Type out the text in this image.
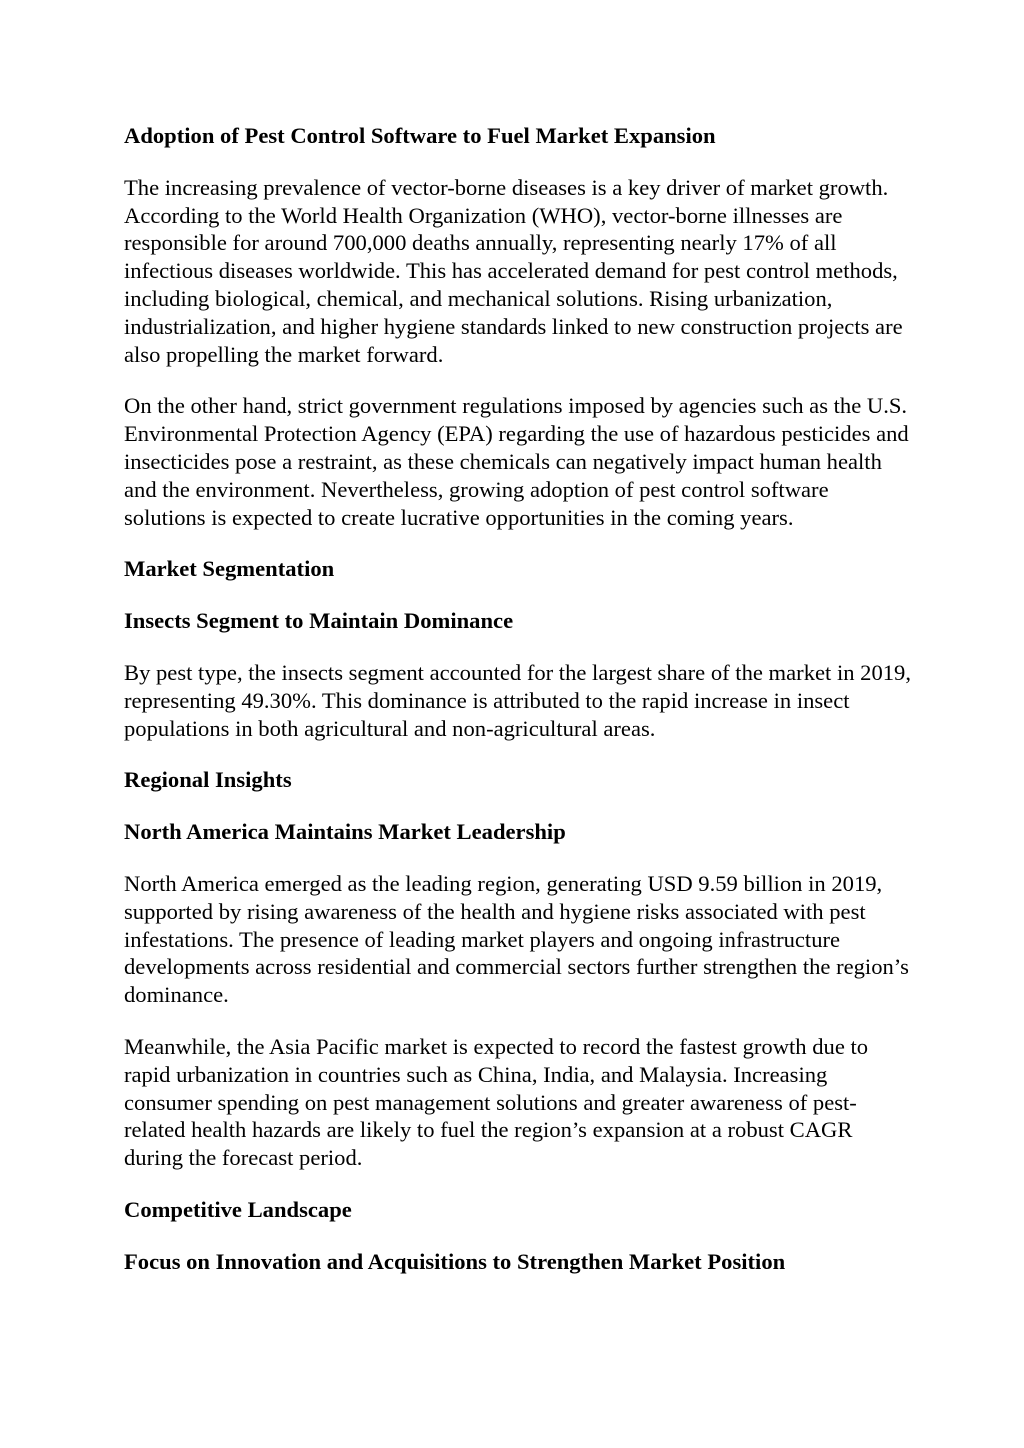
Adoption of Pest Control Software to Fuel Market Expansion
The increasing prevalence of vector-borne diseases is a key driver of market growth. According to the World Health Organization (WHO), vector-borne illnesses are responsible for around 700,000 deaths annually, representing nearly 17% of all infectious diseases worldwide. This has accelerated demand for pest control methods, including biological, chemical, and mechanical solutions. Rising urbanization, industrialization, and higher hygiene standards linked to new construction projects are also propelling the market forward.
On the other hand, strict government regulations imposed by agencies such as the U.S. Environmental Protection Agency (EPA) regarding the use of hazardous pesticides and insecticides pose a restraint, as these chemicals can negatively impact human health and the environment. Nevertheless, growing adoption of pest control software solutions is expected to create lucrative opportunities in the coming years.
Market Segmentation
Insects Segment to Maintain Dominance
By pest type, the insects segment accounted for the largest share of the market in 2019, representing 49.30%. This dominance is attributed to the rapid increase in insect populations in both agricultural and non-agricultural areas.
Regional Insights
North America Maintains Market Leadership
North America emerged as the leading region, generating USD 9.59 billion in 2019, supported by rising awareness of the health and hygiene risks associated with pest infestations. The presence of leading market players and ongoing infrastructure developments across residential and commercial sectors further strengthen the region’s dominance.
Meanwhile, the Asia Pacific market is expected to record the fastest growth due to rapid urbanization in countries such as China, India, and Malaysia. Increasing consumer spending on pest management solutions and greater awareness of pest-related health hazards are likely to fuel the region’s expansion at a robust CAGR during the forecast period.
Competitive Landscape
Focus on Innovation and Acquisitions to Strengthen Market Position
